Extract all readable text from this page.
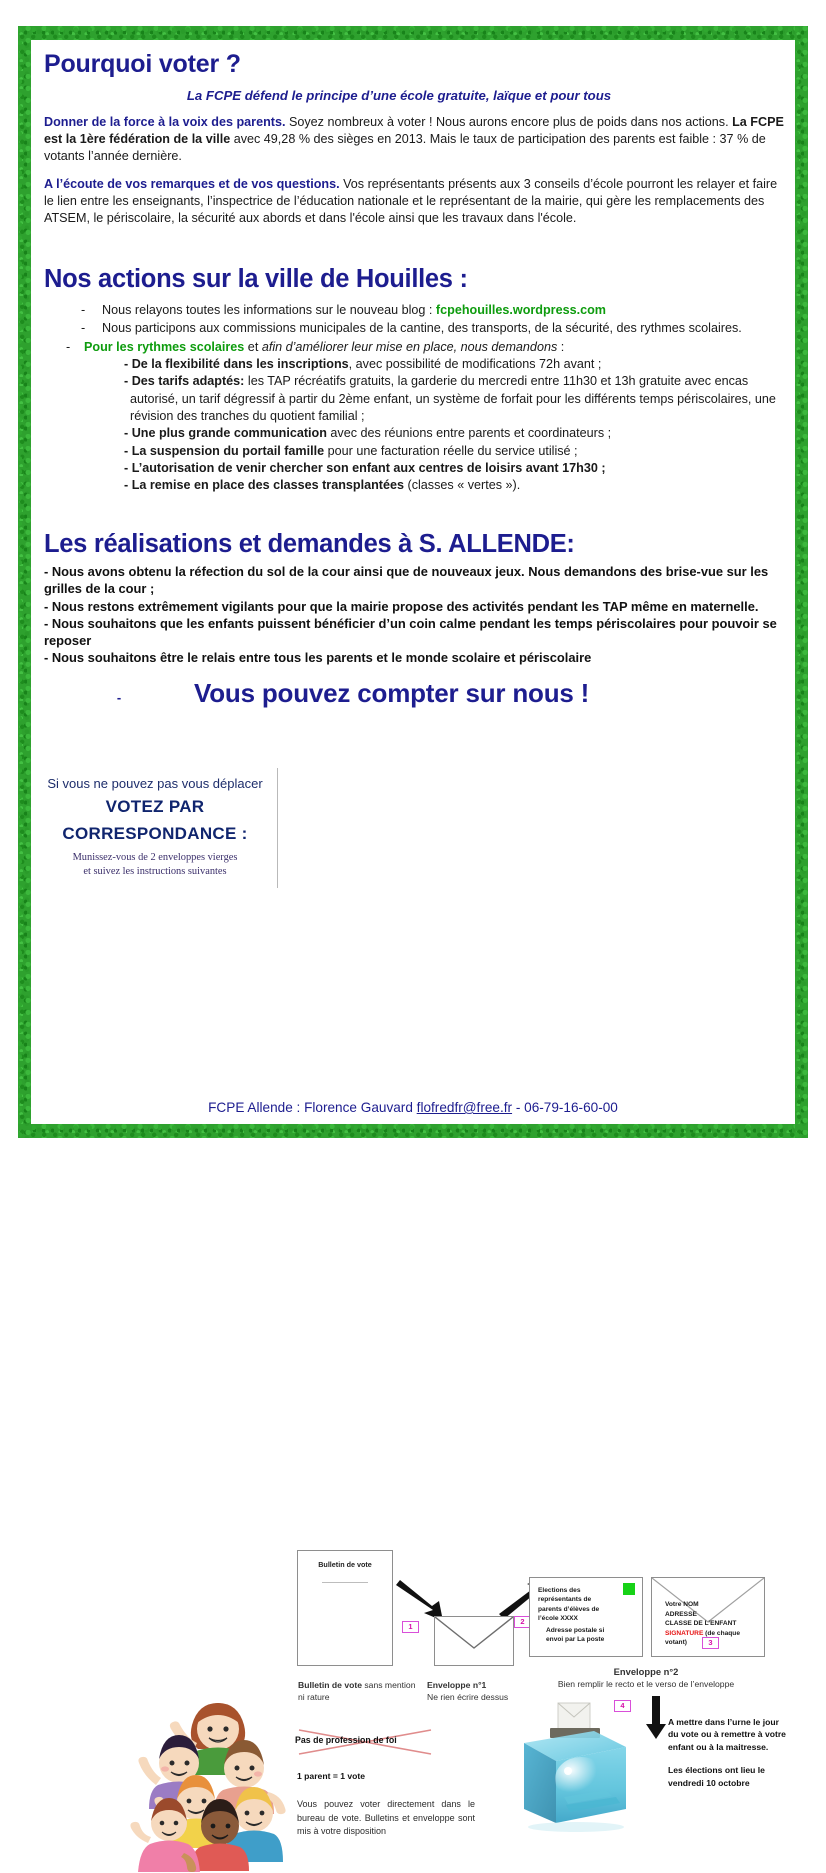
Pourquoi voter ?
La FCPE défend le principe d’une école gratuite, laïque et pour tous
Donner de la force à la voix des parents. Soyez nombreux à voter ! Nous aurons encore plus de poids dans nos actions. La FCPE est la 1ère fédération de la ville avec 49,28 % des sièges en 2013. Mais le taux de participation des parents est faible : 37 % de votants l’année dernière.
A l’écoute de vos remarques et de vos questions. Vos représentants présents aux 3 conseils d’école pourront les relayer et faire le lien entre les enseignants, l’inspectrice de l’éducation nationale et le représentant de la mairie, qui gère les remplacements des ATSEM, le périscolaire, la sécurité aux abords et dans l'école ainsi que les travaux dans l'école.
Nos actions sur la ville de Houilles :
- Nous relayons toutes les informations sur le nouveau blog : fcpehouilles.wordpress.com
- Nous participons aux commissions municipales de la cantine, des transports, de la sécurité, des rythmes scolaires.
- Pour les rythmes scolaires et afin d’améliorer leur mise en place, nous demandons :
- De la flexibilité dans les inscriptions, avec possibilité de modifications 72h avant ;
- Des tarifs adaptés: les TAP récréatifs gratuits, la garderie du mercredi entre 11h30 et 13h gratuite avec encas autorisé, un tarif dégressif à partir du 2ème enfant, un système de forfait pour les différents temps périscolaires, une révision des tranches du quotient familial ;
- Une plus grande communication avec des réunions entre parents et coordinateurs ;
- La suspension du portail famille pour une facturation réelle du service utilisé ;
- L’autorisation de venir chercher son enfant aux centres de loisirs avant 17h30 ;
- La remise en place des classes transplantées (classes « vertes »).
Les réalisations et demandes à S. ALLENDE:

- Nous avons obtenu la réfection du sol de la cour ainsi que de nouveaux jeux. Nous demandons des brise-vue sur les grilles de la cour ;

- Nous restons extrêmement vigilants pour que la mairie propose des activités pendant les TAP même en maternelle.

- Nous souhaitons que les enfants puissent bénéficier d’un coin calme pendant les temps périscolaires pour pouvoir se reposer

- Nous souhaitons être le relais entre tous les parents et le monde scolaire et périscolaire

-	Vous pouvez compter sur nous !
Si vous ne pouvez pas vous déplacer
VOTEZ PAR
CORRESPONDANCE :
Munissez-vous de 2 enveloppes vierges
et suivez les instructions suivantes
Bulletin de vote
1
2
Elections des
représentants de
parents d’élèves de
l’école XXXX
Adresse postale si
envoi par La poste
Votre NOM
ADRESSE
CLASSE DE L’ENFANT
SIGNATURE (de chaque
votant)	3
Bulletin de vote sans mention ni rature
Enveloppe n°1
Ne rien écrire dessus
Enveloppe n°2
Bien remplir le recto et le verso de l’enveloppe
Pas de profession de foi
1 parent = 1 vote
Vous pouvez voter directement dans le bureau de vote. Bulletins et enveloppe sont mis à votre disposition
4
A mettre dans l’urne le jour du vote ou à remettre à votre enfant ou à la maitresse.
Les élections ont lieu le vendredi 10 octobre
FCPE Allende : Florence Gauvard flofredfr@free.fr - 06-79-16-60-00
